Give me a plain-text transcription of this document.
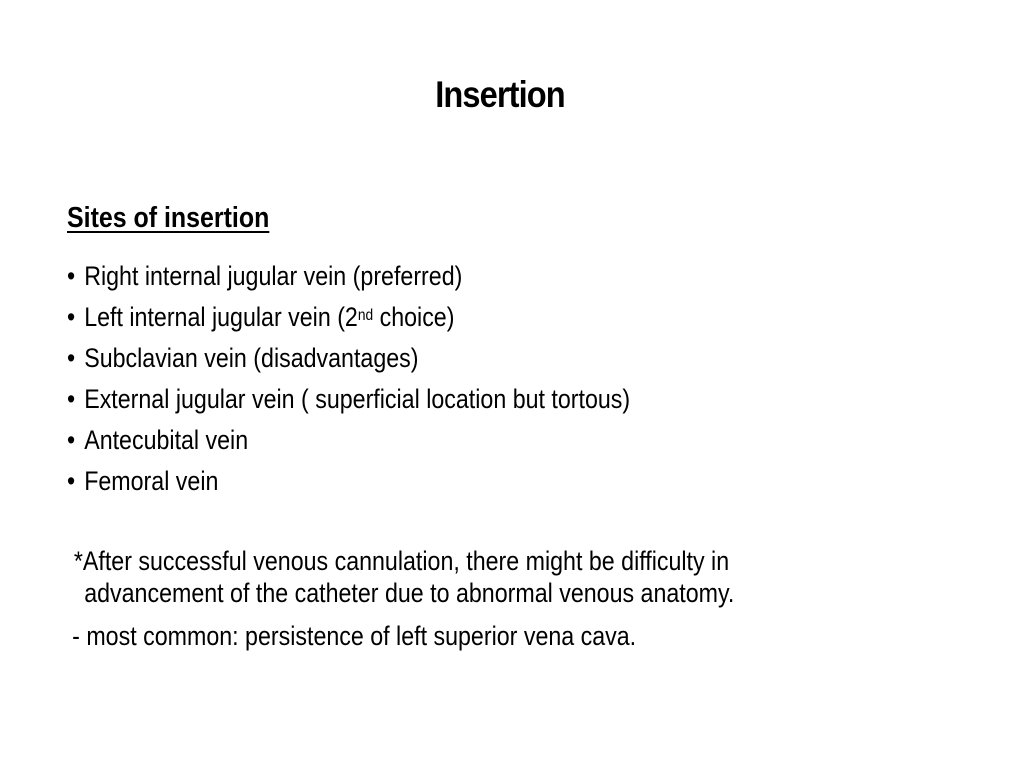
Insertion
Sites of insertion
• Right internal jugular vein (preferred)
• Left internal jugular vein (2nd choice)
• Subclavian vein (disadvantages)
• External jugular vein ( superficial location but tortous)
• Antecubital vein
• Femoral vein
*After successful venous cannulation, there might be difficulty in
advancement of the catheter due to abnormal venous anatomy.
- most common: persistence of left superior vena cava.
